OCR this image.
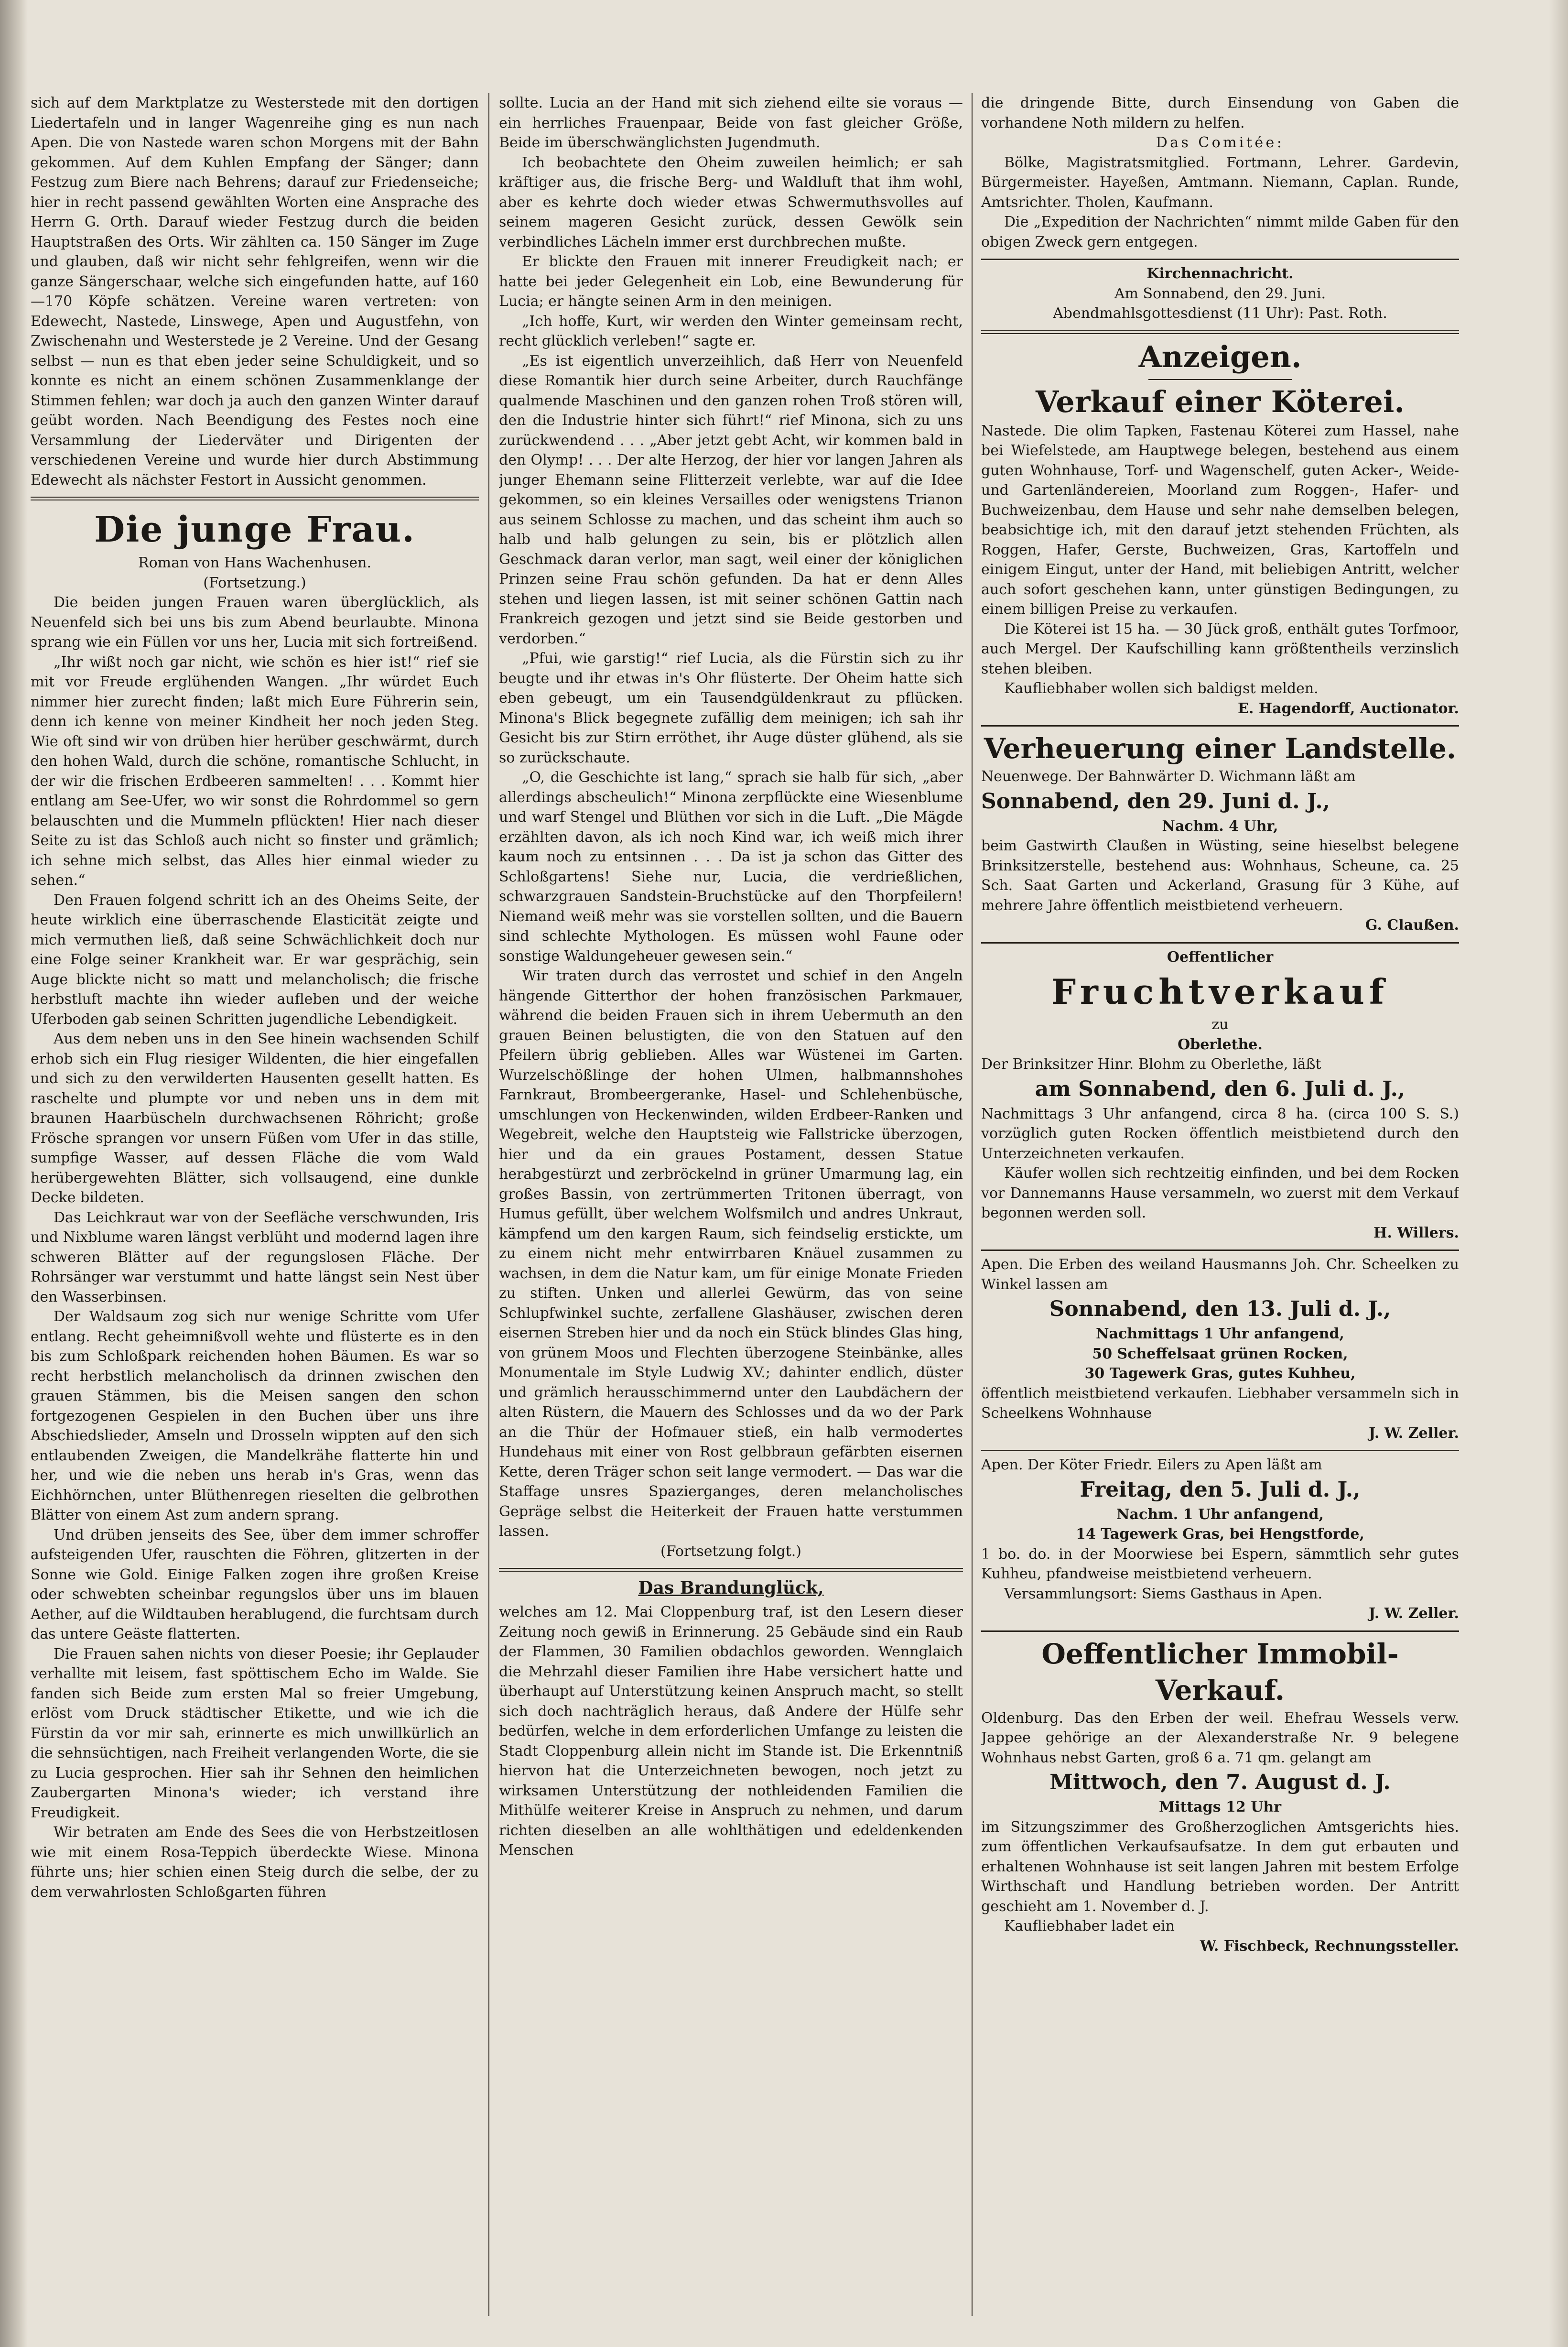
sich auf dem Marktplatze zu Westerstede mit den dortigen Liedertafeln und in langer Wagenreihe ging es nun nach Apen. Die von Nastede waren schon Morgens mit der Bahn gekommen. Auf dem Kuhlen Empfang der Sänger; dann Festzug zum Biere nach Behrens; darauf zur Friedenseiche; hier in recht passend gewählten Worten eine Ansprache des Herrn G. Orth. Darauf wieder Festzug durch die beiden Hauptstraßen des Orts. Wir zählten ca. 150 Sänger im Zuge und glauben, daß wir nicht sehr fehlgreifen, wenn wir die ganze Sängerschaar, welche sich eingefunden hatte, auf 160—170 Köpfe schätzen. Vereine waren vertreten: von Edewecht, Nastede, Linswege, Apen und Augustfehn, von Zwischenahn und Westerstede je 2 Vereine. Und der Gesang selbst — nun es that eben jeder seine Schuldigkeit, und so konnte es nicht an einem schönen Zusammenklange der Stimmen fehlen; war doch ja auch den ganzen Winter darauf geübt worden. Nach Beendigung des Festes noch eine Versammlung der Liederväter und Dirigenten der verschiedenen Vereine und wurde hier durch Abstimmung Edewecht als nächster Festort in Aussicht genommen.

Die junge Frau.

Roman von Hans Wachenhusen.

(Fortsetzung.)

Die beiden jungen Frauen waren überglücklich, als Neuenfeld sich bei uns bis zum Abend beurlaubte. Minona sprang wie ein Füllen vor uns her, Lucia mit sich fortreißend.

„Ihr wißt noch gar nicht, wie schön es hier ist!“ rief sie mit vor Freude erglühenden Wangen. „Ihr würdet Euch nimmer hier zurecht finden; laßt mich Eure Führerin sein, denn ich kenne von meiner Kindheit her noch jeden Steg. Wie oft sind wir von drüben hier herüber geschwärmt, durch den hohen Wald, durch die schöne, romantische Schlucht, in der wir die frischen Erdbeeren sammelten! . . . Kommt hier entlang am See-Ufer, wo wir sonst die Rohrdommel so gern belauschten und die Mummeln pflückten! Hier nach dieser Seite zu ist das Schloß auch nicht so finster und grämlich; ich sehne mich selbst, das Alles hier einmal wieder zu sehen.“

Den Frauen folgend schritt ich an des Oheims Seite, der heute wirklich eine überraschende Elasticität zeigte und mich vermuthen ließ, daß seine Schwächlichkeit doch nur eine Folge seiner Krankheit war. Er war gesprächig, sein Auge blickte nicht so matt und melancholisch; die frische herbstluft machte ihn wieder aufleben und der weiche Uferboden gab seinen Schritten jugendliche Lebendigkeit.

Aus dem neben uns in den See hinein wachsenden Schilf erhob sich ein Flug riesiger Wildenten, die hier eingefallen und sich zu den verwilderten Hausenten gesellt hatten. Es raschelte und plumpte vor und neben uns in dem mit braunen Haarbüscheln durchwachsenen Röhricht; große Frösche sprangen vor unsern Füßen vom Ufer in das stille, sumpfige Wasser, auf dessen Fläche die vom Wald herübergewehten Blätter, sich vollsaugend, eine dunkle Decke bildeten.

Das Leichkraut war von der Seefläche verschwunden, Iris und Nixblume waren längst verblüht und modernd lagen ihre schweren Blätter auf der regungslosen Fläche. Der Rohrsänger war verstummt und hatte längst sein Nest über den Wasserbinsen.

Der Waldsaum zog sich nur wenige Schritte vom Ufer entlang. Recht geheimnißvoll wehte und flüsterte es in den bis zum Schloßpark reichenden hohen Bäumen. Es war so recht herbstlich melancholisch da drinnen zwischen den grauen Stämmen, bis die Meisen sangen den schon fortgezogenen Gespielen in den Buchen über uns ihre Abschiedslieder, Amseln und Drosseln wippten auf den sich entlaubenden Zweigen, die Mandelkrähe flatterte hin und her, und wie die neben uns herab in's Gras, wenn das Eichhörnchen, unter Blüthenregen rieselten die gelbrothen Blätter von einem Ast zum andern sprang.

Und drüben jenseits des See, über dem immer schroffer aufsteigenden Ufer, rauschten die Föhren, glitzerten in der Sonne wie Gold. Einige Falken zogen ihre großen Kreise oder schwebten scheinbar regungslos über uns im blauen Aether, auf die Wildtauben herablugend, die furchtsam durch das untere Geäste flatterten.

Die Frauen sahen nichts von dieser Poesie; ihr Geplauder verhallte mit leisem, fast spöttischem Echo im Walde. Sie fanden sich Beide zum ersten Mal so freier Umgebung, erlöst vom Druck städtischer Etikette, und wie ich die Fürstin da vor mir sah, erinnerte es mich unwillkürlich an die sehnsüchtigen, nach Freiheit verlangenden Worte, die sie zu Lucia gesprochen. Hier sah ihr Sehnen den heimlichen Zaubergarten Minona's wieder; ich verstand ihre Freudigkeit.

Wir betraten am Ende des Sees die von Herbstzeitlosen wie mit einem Rosa-Teppich überdeckte Wiese. Minona führte uns; hier schien einen Steig durch die selbe, der zu dem verwahrlosten Schloßgarten führen

sollte. Lucia an der Hand mit sich ziehend eilte sie voraus — ein herrliches Frauenpaar, Beide von fast gleicher Größe, Beide im überschwänglichsten Jugendmuth.

Ich beobachtete den Oheim zuweilen heimlich; er sah kräftiger aus, die frische Berg- und Waldluft that ihm wohl, aber es kehrte doch wieder etwas Schwermuthsvolles auf seinem mageren Gesicht zurück, dessen Gewölk sein verbindliches Lächeln immer erst durchbrechen mußte.

Er blickte den Frauen mit innerer Freudigkeit nach; er hatte bei jeder Gelegenheit ein Lob, eine Bewunderung für Lucia; er hängte seinen Arm in den meinigen.

„Ich hoffe, Kurt, wir werden den Winter gemeinsam recht, recht glücklich verleben!“ sagte er.

„Es ist eigentlich unverzeihlich, daß Herr von Neuenfeld diese Romantik hier durch seine Arbeiter, durch Rauchfänge qualmende Maschinen und den ganzen rohen Troß stören will, den die Industrie hinter sich führt!“ rief Minona, sich zu uns zurückwendend . . . „Aber jetzt gebt Acht, wir kommen bald in den Olymp! . . . Der alte Herzog, der hier vor langen Jahren als junger Ehemann seine Flitterzeit verlebte, war auf die Idee gekommen, so ein kleines Versailles oder wenigstens Trianon aus seinem Schlosse zu machen, und das scheint ihm auch so halb und halb gelungen zu sein, bis er plötzlich allen Geschmack daran verlor, man sagt, weil einer der königlichen Prinzen seine Frau schön gefunden. Da hat er denn Alles stehen und liegen lassen, ist mit seiner schönen Gattin nach Frankreich gezogen und jetzt sind sie Beide gestorben und verdorben.“

„Pfui, wie garstig!“ rief Lucia, als die Fürstin sich zu ihr beugte und ihr etwas in's Ohr flüsterte. Der Oheim hatte sich eben gebeugt, um ein Tausendgüldenkraut zu pflücken. Minona's Blick begegnete zufällig dem meinigen; ich sah ihr Gesicht bis zur Stirn erröthet, ihr Auge düster glühend, als sie so zurückschaute.

„O, die Geschichte ist lang,“ sprach sie halb für sich, „aber allerdings abscheulich!“ Minona zerpflückte eine Wiesenblume und warf Stengel und Blüthen vor sich in die Luft. „Die Mägde erzählten davon, als ich noch Kind war, ich weiß mich ihrer kaum noch zu entsinnen . . . Da ist ja schon das Gitter des Schloßgartens! Siehe nur, Lucia, die verdrießlichen, schwarzgrauen Sandstein-Bruchstücke auf den Thorpfeilern! Niemand weiß mehr was sie vorstellen sollten, und die Bauern sind schlechte Mythologen. Es müssen wohl Faune oder sonstige Waldungeheuer gewesen sein.“

Wir traten durch das verrostet und schief in den Angeln hängende Gitterthor der hohen französischen Parkmauer, während die beiden Frauen sich in ihrem Uebermuth an den grauen Beinen belustigten, die von den Statuen auf den Pfeilern übrig geblieben. Alles war Wüstenei im Garten. Wurzelschößlinge der hohen Ulmen, halbmannshohes Farnkraut, Brombeergeranke, Hasel- und Schlehenbüsche, umschlungen von Heckenwinden, wilden Erdbeer-Ranken und Wegebreit, welche den Hauptsteig wie Fallstricke überzogen, hier und da ein graues Postament, dessen Statue herabgestürzt und zerbröckelnd in grüner Umarmung lag, ein großes Bassin, von zertrümmerten Tritonen überragt, von Humus gefüllt, über welchem Wolfsmilch und andres Unkraut, kämpfend um den kargen Raum, sich feindselig erstickte, um zu einem nicht mehr entwirrbaren Knäuel zusammen zu wachsen, in dem die Natur kam, um für einige Monate Frieden zu stiften. Unken und allerlei Gewürm, das von seine Schlupfwinkel suchte, zerfallene Glashäuser, zwischen deren eisernen Streben hier und da noch ein Stück blindes Glas hing, von grünem Moos und Flechten überzogene Steinbänke, alles Monumentale im Style Ludwig XV.; dahinter endlich, düster und grämlich herausschimmernd unter den Laubdächern der alten Rüstern, die Mauern des Schlosses und da wo der Park an die Thür der Hofmauer stieß, ein halb vermodertes Hundehaus mit einer von Rost gelbbraun gefärbten eisernen Kette, deren Träger schon seit lange vermodert. — Das war die Staffage unsres Spazierganges, deren melancholisches Gepräge selbst die Heiterkeit der Frauen hatte verstummen lassen.

(Fortsetzung folgt.)

Das Brandunglück,

welches am 12. Mai Cloppenburg traf, ist den Lesern dieser Zeitung noch gewiß in Erinnerung. 25 Gebäude sind ein Raub der Flammen, 30 Familien obdachlos geworden. Wennglaich die Mehrzahl dieser Familien ihre Habe versichert hatte und überhaupt auf Unterstützung keinen Anspruch macht, so stellt sich doch nachträglich heraus, daß Andere der Hülfe sehr bedürfen, welche in dem erforderlichen Umfange zu leisten die Stadt Cloppenburg allein nicht im Stande ist. Die Erkenntniß hiervon hat die Unterzeichneten bewogen, noch jetzt zu wirksamen Unterstützung der nothleidenden Familien die Mithülfe weiterer Kreise in Anspruch zu nehmen, und darum richten dieselben an alle wohlthätigen und edeldenkenden Menschen

die dringende Bitte, durch Einsendung von Gaben die vorhandene Noth mildern zu helfen.

Das Comitée:

Bölke, Magistratsmitglied. Fortmann, Lehrer. Gardevin, Bürgermeister. Hayeßen, Amtmann. Niemann, Caplan. Runde, Amtsrichter. Tholen, Kaufmann.

Die „Expedition der Nachrichten“ nimmt milde Gaben für den obigen Zweck gern entgegen.

Kirchennachricht.

Am Sonnabend, den 29. Juni.

Abendmahlsgottesdienst (11 Uhr): Past. Roth.

Anzeigen.
Verkauf einer Köterei.

Nastede. Die olim Tapken, Fastenau Köterei zum Hassel, nahe bei Wiefelstede, am Hauptwege belegen, bestehend aus einem guten Wohnhause, Torf- und Wagenschelf, guten Acker-, Weide- und Gartenländereien, Moorland zum Roggen-, Hafer- und Buchweizenbau, dem Hause und sehr nahe demselben belegen, beabsichtige ich, mit den darauf jetzt stehenden Früchten, als Roggen, Hafer, Gerste, Buchweizen, Gras, Kartoffeln und einigem Eingut, unter der Hand, mit beliebigen Antritt, welcher auch sofort geschehen kann, unter günstigen Bedingungen, zu einem billigen Preise zu verkaufen.

Die Köterei ist 15 ha. — 30 Jück groß, enthält gutes Torfmoor, auch Mergel. Der Kaufschilling kann größtentheils verzinslich stehen bleiben.

Kaufliebhaber wollen sich baldigst melden.

E. Hagendorff, Auctionator.

Verheuerung einer Landstelle.

Neuenwege. Der Bahnwärter D. Wichmann läßt am

Sonnabend, den 29. Juni d. J.,

Nachm. 4 Uhr,

beim Gastwirth Claußen in Wüsting, seine hieselbst belegene Brinksitzerstelle, bestehend aus: Wohnhaus, Scheune, ca. 25 Sch. Saat Garten und Ackerland, Grasung für 3 Kühe, auf mehrere Jahre öffentlich meistbietend verheuern.

G. Claußen.

Oeffentlicher

Fruchtverkauf

zu

Oberlethe.

Der Brinksitzer Hinr. Blohm zu Oberlethe, läßt

am Sonnabend, den 6. Juli d. J.,

Nachmittags 3 Uhr anfangend, circa 8 ha. (circa 100 S. S.) vorzüglich guten Rocken öffentlich meistbietend durch den Unterzeichneten verkaufen.

Käufer wollen sich rechtzeitig einfinden, und bei dem Rocken vor Dannemanns Hause versammeln, wo zuerst mit dem Verkauf begonnen werden soll.

H. Willers.

Apen. Die Erben des weiland Hausmanns Joh. Chr. Scheelken zu Winkel lassen am

Sonnabend, den 13. Juli d. J.,

Nachmittags 1 Uhr anfangend,

50 Scheffelsaat grünen Rocken,

30 Tagewerk Gras, gutes Kuhheu,

öffentlich meistbietend verkaufen. Liebhaber versammeln sich in Scheelkens Wohnhause

J. W. Zeller.

Apen. Der Köter Friedr. Eilers zu Apen läßt am

Freitag, den 5. Juli d. J.,

Nachm. 1 Uhr anfangend,

14 Tagewerk Gras, bei Hengstforde,

1 bo. do. in der Moorwiese bei Espern, sämmtlich sehr gutes Kuhheu, pfandweise meistbietend verheuern.

Versammlungsort: Siems Gasthaus in Apen.

J. W. Zeller.

Oeffentlicher Immobil-Verkauf.

Oldenburg. Das den Erben der weil. Ehefrau Wessels verw. Jappee gehörige an der Alexanderstraße Nr. 9 belegene Wohnhaus nebst Garten, groß 6 a. 71 qm. gelangt am

Mittwoch, den 7. August d. J.

Mittags 12 Uhr

im Sitzungszimmer des Großherzoglichen Amtsgerichts hies. zum öffentlichen Verkaufsaufsatze. In dem gut erbauten und erhaltenen Wohnhause ist seit langen Jahren mit bestem Erfolge Wirthschaft und Handlung betrieben worden. Der Antritt geschieht am 1. November d. J.

Kaufliebhaber ladet ein

W. Fischbeck, Rechnungssteller.
